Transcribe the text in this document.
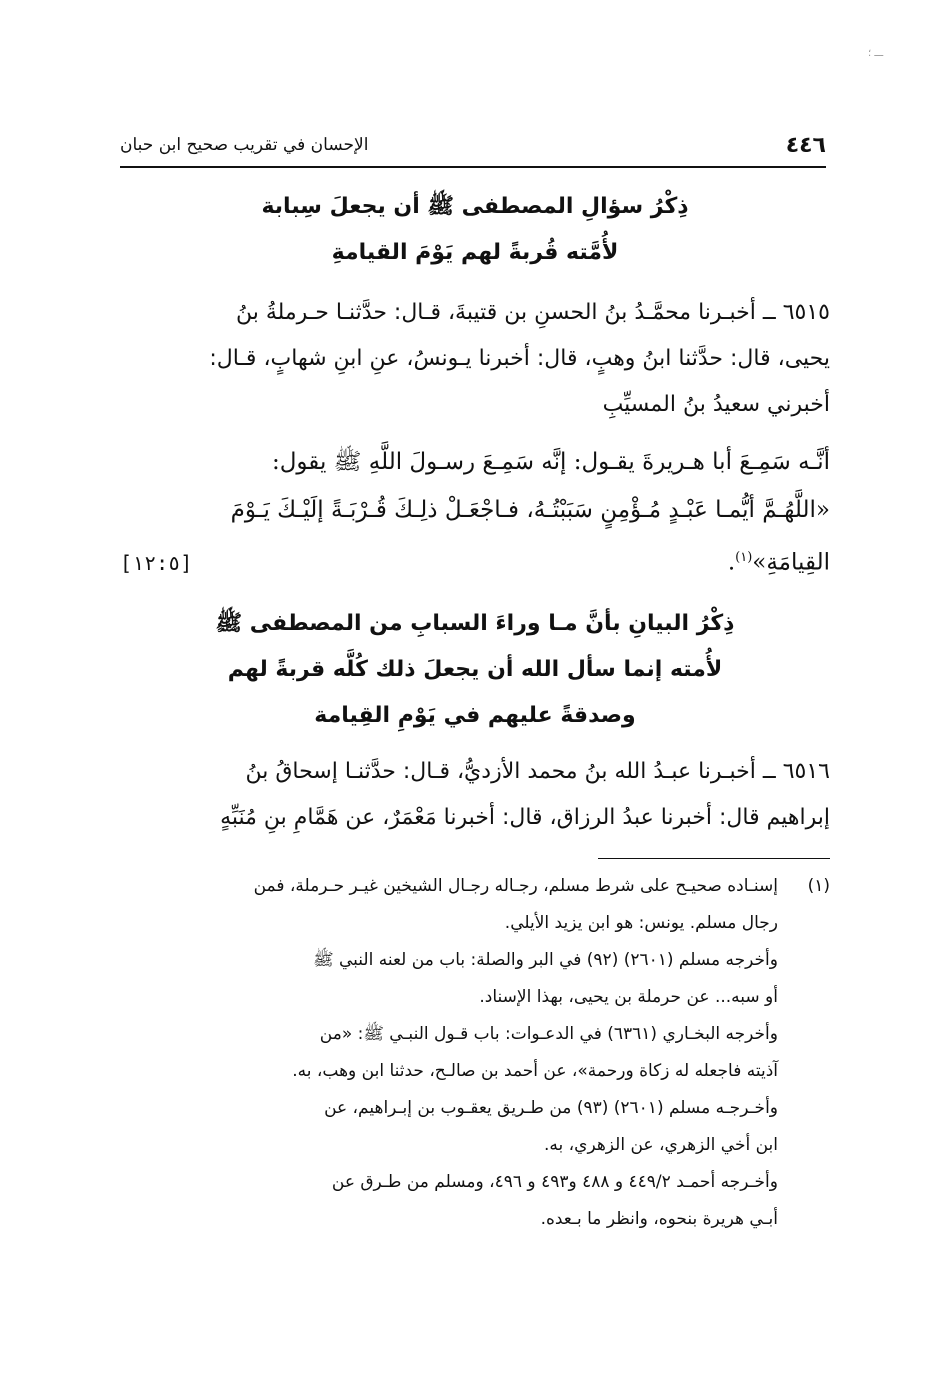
ـــ ؛
٤٤٦
الإحسان في تقريب صحيح ابن حبان
ذِكْرُ سؤالِ المصطفى ﷺ أن يجعلَ سِبابة
لأُمَّته قُربةً لهم يَوْمَ القيامةِ
٦٥١٥ ــ أخبـرنا محمَّـدُ بنُ الحسنِ بن قتيبةَ، قـال: حدَّثنـا حـرملةُ بنُ
يحيى، قال: حدَّثنا ابنُ وهبٍ، قال: أخبرنا يـونسُ، عنِ ابنِ شهابٍ، قـال:
أخبرني سعيدُ بنُ المسيِّبِ
أنَّـه سَمِـعَ أبا هـريرةَ يقـول: إنَّه سَمِـعَ رسـولَ اللَّهِ ﷺ يقول:
«اللَّهُـمَّ أيُّمـا عَبْـدٍ مُـؤْمِنٍ سَبَبْتُـهُ، فـاجْعَـلْ ذلِـكَ قُـرْبَـةً إلَيْـكَ يَـوْمَ
القِيامَةِ»$^{(١)}$.
[١٢:٥]
ذِكْرُ البيانِ بأنَّ مـا وراءَ السبابِ من المصطفى ﷺ
لأُمته إنما سأل الله أن يجعلَ ذلك كُلَّه قربةً لهم
وصدقةً عليهم في يَوْمِ القِيامة
٦٥١٦ ــ أخبـرنا عبـدُ الله بنُ محمد الأزديُّ، قـال: حدَّثنـا إسحاقُ بنُ
إبراهيم قال: أخبرنا عبدُ الرزاق، قال: أخبرنا مَعْمَرٌ، عن هَمَّامِ بنِ مُنَبِّهٍ
(١)
إسنـاده صحيـح على شرط مسلم، رجـاله رجـال الشيخين غيـر حـرملة، فمن
رجال مسلم. يونس: هو ابن يزيد الأيلي.
وأخرجه مسلم (٢٦٠١) (٩٢) في البر والصلة: باب من لعنه النبي ﷺ
أو سبه... عن حرملة بن يحيى، بهذا الإسناد.
وأخرجه البخـاري (٦٣٦١) في الدعـوات: باب قـول النبـي ﷺ: «من
آذيته فاجعله له زكاة ورحمة»، عن أحمد بن صالـح، حدثنا ابن وهب، به.
وأخـرجـه مسلم (٢٦٠١) (٩٣) من طـريق يعقـوب بن إبـراهيم، عن
ابن أخي الزهري، عن الزهري، به.
وأخـرجه أحمـد ٤٤٩/٢ و ٤٨٨ و٤٩٣ و ٤٩٦، ومسلم من طـرق عن
أبـي هريرة بنحوه، وانظر ما بـعده.
